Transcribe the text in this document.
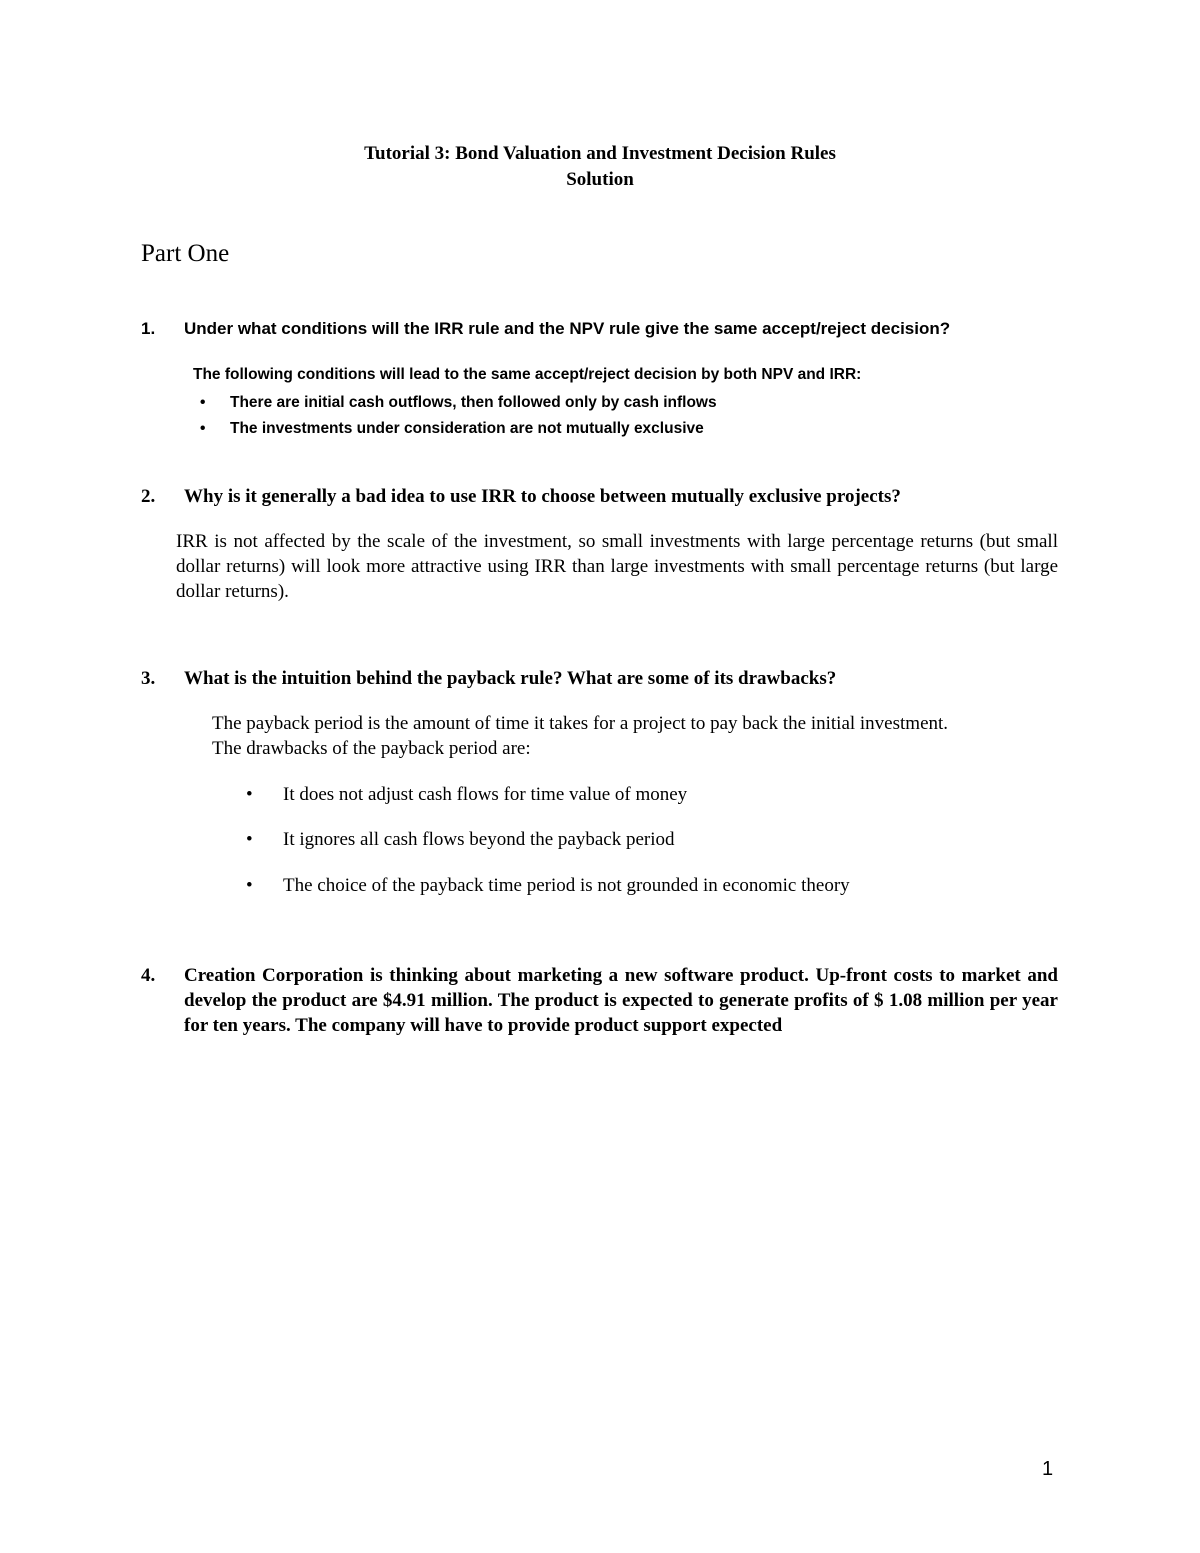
Tutorial 3: Bond Valuation and Investment Decision Rules
Solution
Part One
1. Under what conditions will the IRR rule and the NPV rule give the same accept/reject decision?
The following conditions will lead to the same accept/reject decision by both NPV and IRR:
• There are initial cash outflows, then followed only by cash inflows
• The investments under consideration are not mutually exclusive
2. Why is it generally a bad idea to use IRR to choose between mutually exclusive projects?
IRR is not affected by the scale of the investment, so small investments with large percentage returns (but small dollar returns) will look more attractive using IRR than large investments with small percentage returns (but large dollar returns).
3. What is the intuition behind the payback rule? What are some of its drawbacks?
The payback period is the amount of time it takes for a project to pay back the initial investment.
The drawbacks of the payback period are:
• It does not adjust cash flows for time value of money
• It ignores all cash flows beyond the payback period
• The choice of the payback time period is not grounded in economic theory
4. Creation Corporation is thinking about marketing a new software product. Up-front costs to market and develop the product are $4.91 million. The product is expected to generate profits of $ 1.08 million per year for ten years. The company will have to provide product support expected
1
